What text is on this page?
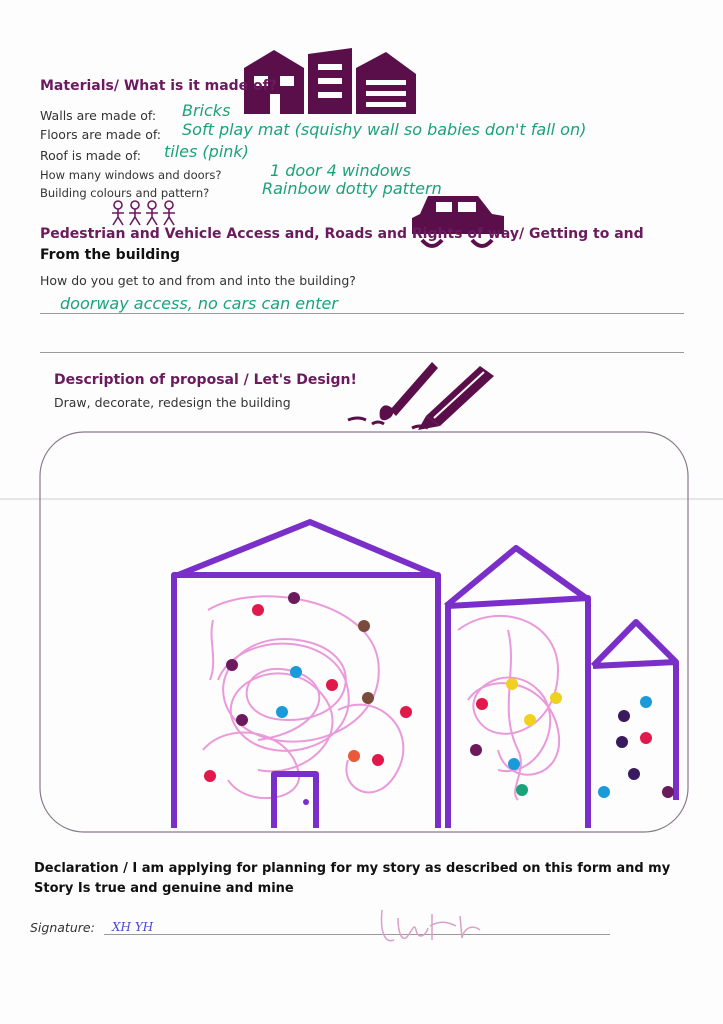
Materials/ What is it made of?
Walls are made of: Bricks
Floors are made of: Soft play mat (squishy wall so babies don't fall on)
Roof is made of: tiles (pink)
How many windows and doors?	1 door 4 windows
Building colours and pattern?	Rainbow dotty pattern
Pedestrian and Vehicle Access and, Roads and Rights of way/ Getting to and
From the building
How do you get to and from and into the building?
doorway access, no cars can enter
Description of proposal / Let's Design!
Draw, decorate, redesign the building
Declaration / I am applying for planning for my story as described on this form and my
Story Is true and genuine and mine
Signature: XH YH
